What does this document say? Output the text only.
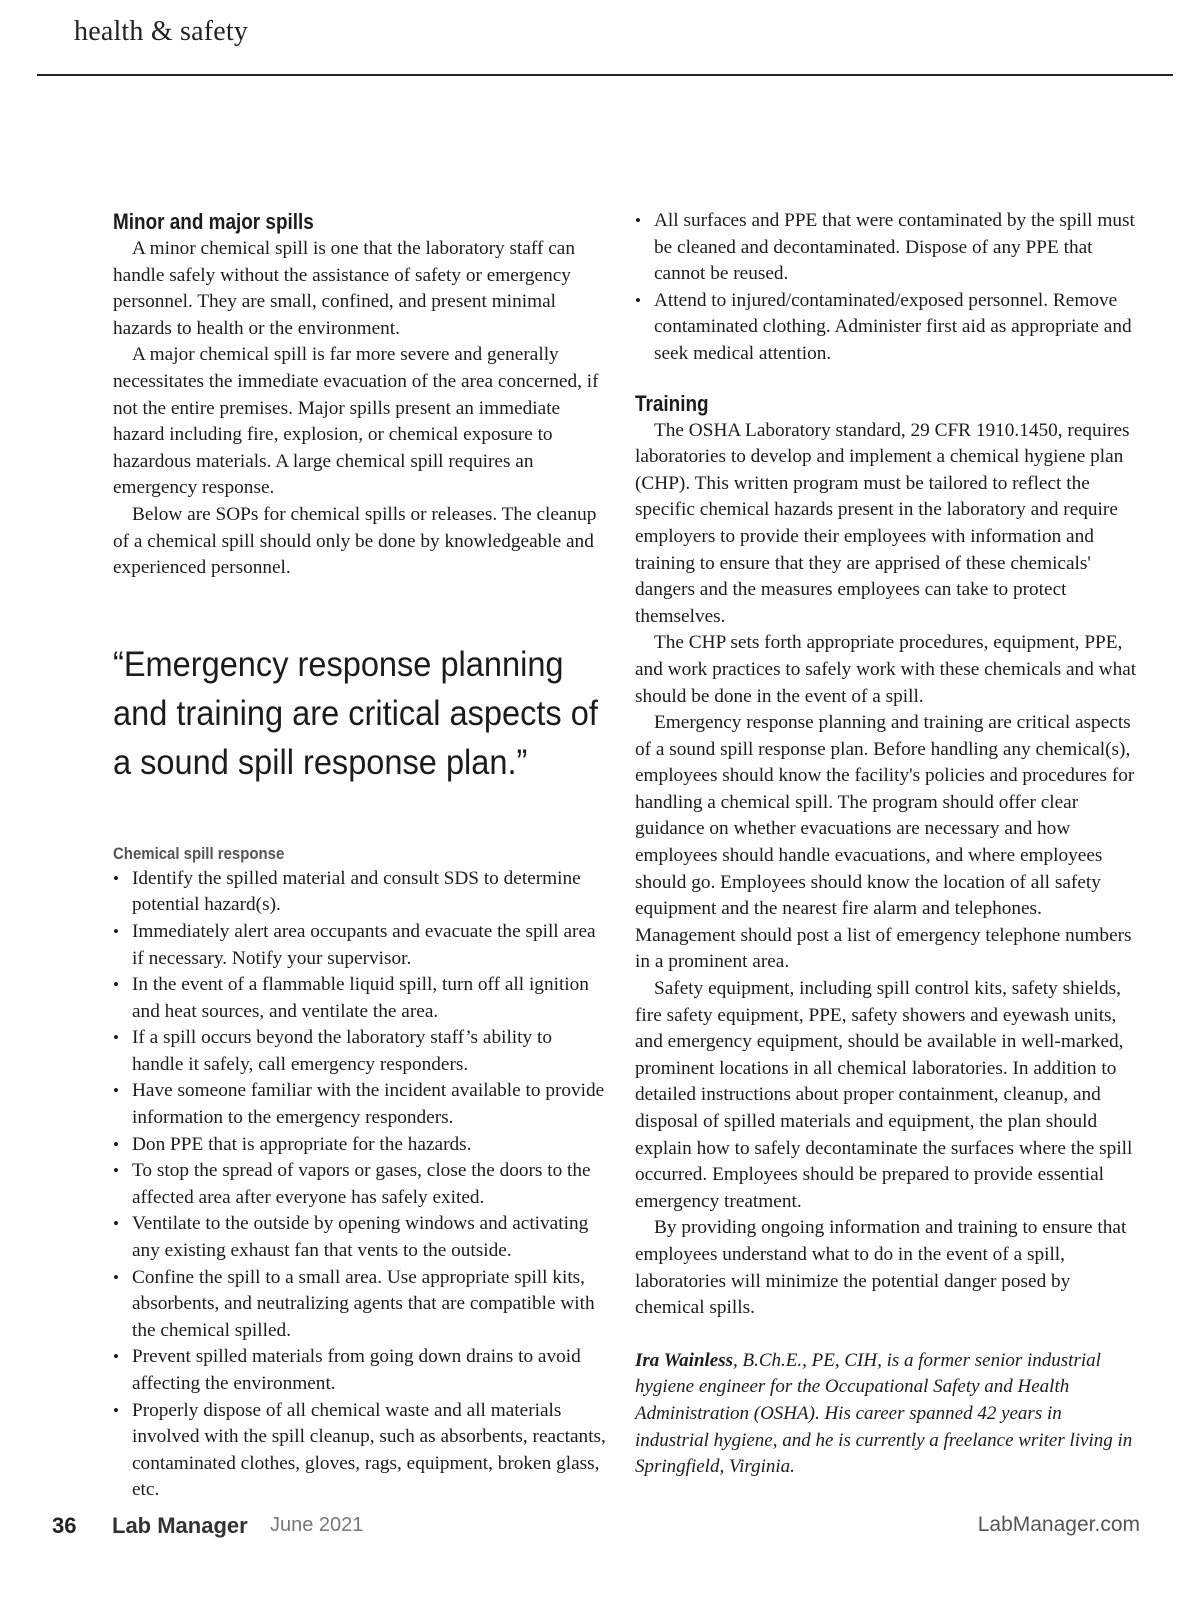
health & safety
Minor and major spills

A minor chemical spill is one that the laboratory staff can handle safely without the assistance of safety or emergency personnel. They are small, confined, and present minimal hazards to health or the environment.

A major chemical spill is far more severe and generally necessitates the immediate evacuation of the area concerned, if not the entire premises. Major spills present an immediate hazard including fire, explosion, or chemical exposure to hazardous materials. A large chemical spill requires an emergency response.

Below are SOPs for chemical spills or releases. The cleanup of a chemical spill should only be done by knowledgeable and experienced personnel.

“Emergency response planning and training are critical aspects of a sound spill response plan.”
Chemical spill response
• Identify the spilled material and consult SDS to determine potential hazard(s).
• Immediately alert area occupants and evacuate the spill area if necessary. Notify your supervisor.
• In the event of a flammable liquid spill, turn off all ignition and heat sources, and ventilate the area.
• If a spill occurs beyond the laboratory staff’s ability to handle it safely, call emergency responders.
• Have someone familiar with the incident available to provide information to the emergency responders.
• Don PPE that is appropriate for the hazards.
• To stop the spread of vapors or gases, close the doors to the affected area after everyone has safely exited.
• Ventilate to the outside by opening windows and activating any existing exhaust fan that vents to the outside.
• Confine the spill to a small area. Use appropriate spill kits, absorbents, and neutralizing agents that are compatible with the chemical spilled.
• Prevent spilled materials from going down drains to avoid affecting the environment.
• Properly dispose of all chemical waste and all materials involved with the spill cleanup, such as absorbents, reactants, contaminated clothes, gloves, rags, equipment, broken glass, etc.
• All surfaces and PPE that were contaminated by the spill must be cleaned and decontaminated. Dispose of any PPE that cannot be reused.
• Attend to injured/contaminated/exposed personnel. Remove contaminated clothing. Administer first aid as appropriate and seek medical attention.
Training

The OSHA Laboratory standard, 29 CFR 1910.1450, requires laboratories to develop and implement a chemical hygiene plan (CHP). This written program must be tailored to reflect the specific chemical hazards present in the laboratory and require employers to provide their employees with information and training to ensure that they are apprised of these chemicals' dangers and the measures employees can take to protect themselves.

The CHP sets forth appropriate procedures, equipment, PPE, and work practices to safely work with these chemicals and what should be done in the event of a spill.

Emergency response planning and training are critical aspects of a sound spill response plan. Before handling any chemical(s), employees should know the facility's policies and procedures for handling a chemical spill. The program should offer clear guidance on whether evacuations are necessary and how employees should handle evacuations, and where employees should go. Employees should know the location of all safety equipment and the nearest fire alarm and telephones. Management should post a list of emergency telephone numbers in a prominent area.

Safety equipment, including spill control kits, safety shields, fire safety equipment, PPE, safety showers and eyewash units, and emergency equipment, should be available in well-marked, prominent locations in all chemical laboratories. In addition to detailed instructions about proper containment, cleanup, and disposal of spilled materials and equipment, the plan should explain how to safely decontaminate the surfaces where the spill occurred. Employees should be prepared to provide essential emergency treatment.

By providing ongoing information and training to ensure that employees understand what to do in the event of a spill, laboratories will minimize the potential danger posed by chemical spills.

Ira Wainless, B.Ch.E., PE, CIH, is a former senior industrial hygiene engineer for the Occupational Safety and Health Administration (OSHA). His career spanned 42 years in industrial hygiene, and he is currently a freelance writer living in Springfield, Virginia.

36 Lab Manager June 2021	LabManager.com
